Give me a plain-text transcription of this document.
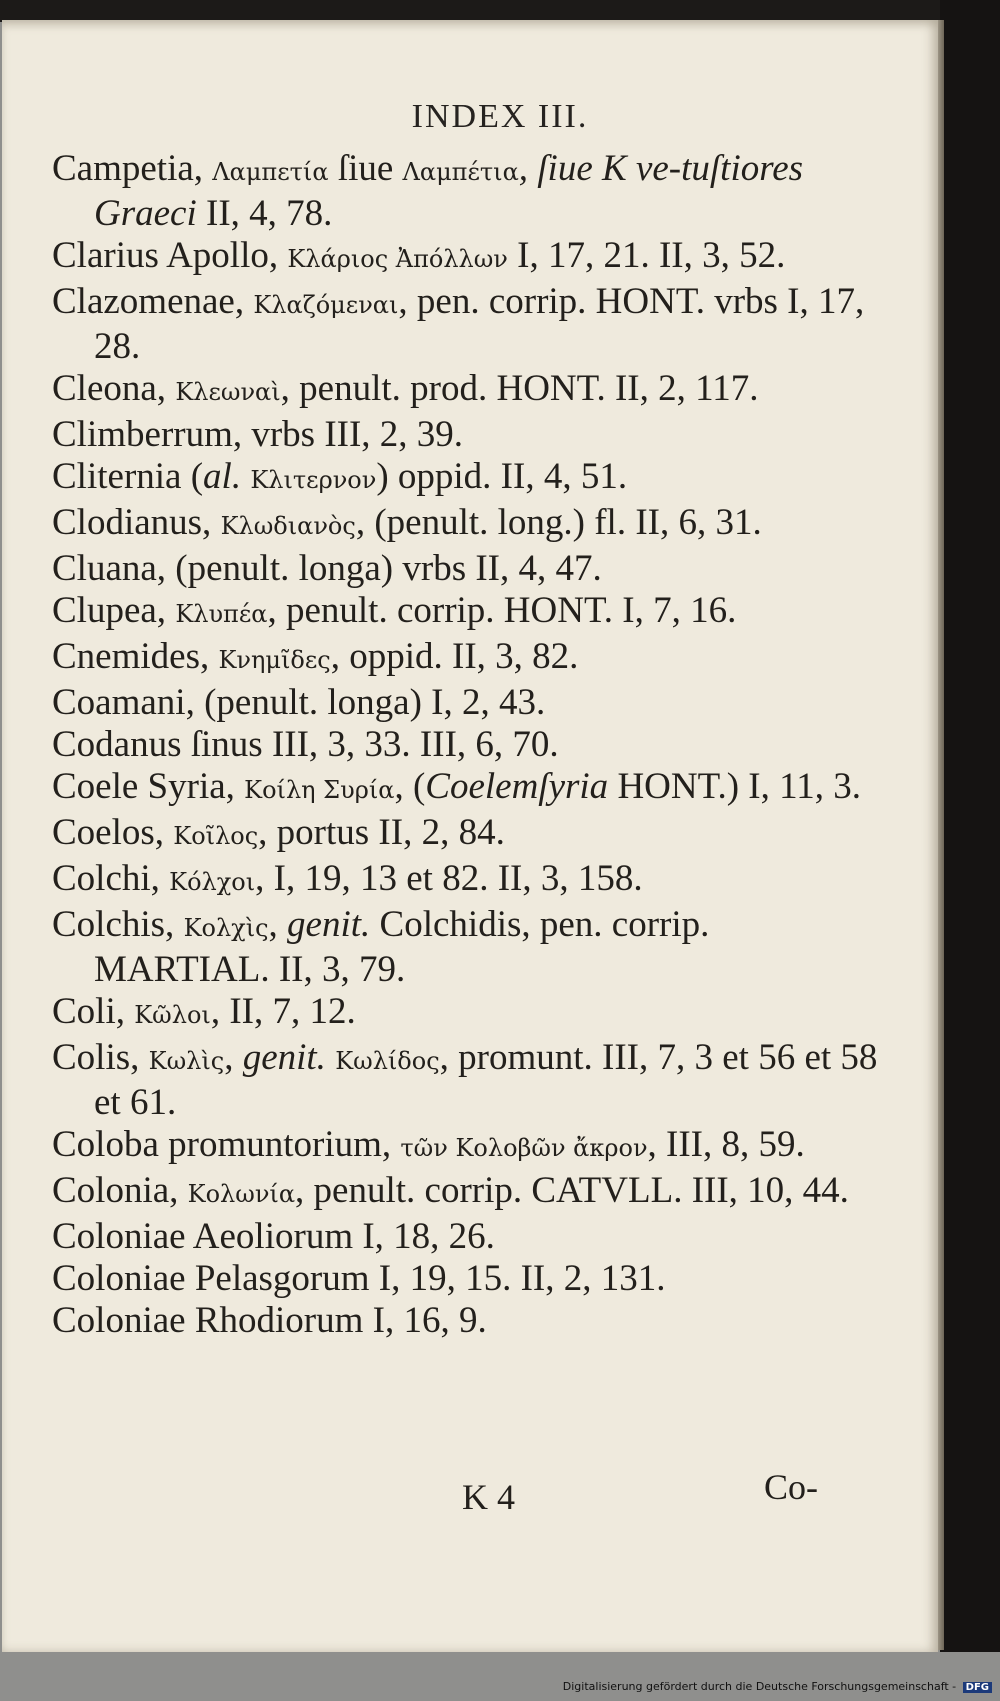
INDEX III.
Campetia, Λαμπετία ſiue Λαμπέτια, ſiue K ve-tuſtiores Graeci II, 4, 78.
Clarius Apollo, Κλάριος Ἀπόλλων I, 17, 21. II, 3, 52.
Clazomenae, Κλαζόμεναι, pen. corrip. HONT. vrbs I, 17, 28.
Cleona, Κλεωναὶ, penult. prod. HONT. II, 2, 117.
Climberrum, vrbs III, 2, 39.
Cliternia (al. Κλιτερνον) oppid. II, 4, 51.
Clodianus, Κλωδιανὸς, (penult. long.) fl. II, 6, 31.
Cluana, (penult. longa) vrbs II, 4, 47.
Clupea, Κλυπέα, penult. corrip. HONT. I, 7, 16.
Cnemides, Κνημῖδες, oppid. II, 3, 82.
Coamani, (penult. longa) I, 2, 43.
Codanus ſinus III, 3, 33. III, 6, 70.
Coele Syria, Κοίλη Συρία, (Coelemſyria HONT.) I, 11, 3.
Coelos, Κοῖλος, portus II, 2, 84.
Colchi, Κόλχοι, I, 19, 13 et 82. II, 3, 158.
Colchis, Κολχὶς, genit. Colchidis, pen. corrip. MARTIAL. II, 3, 79.
Coli, Κῶλοι, II, 7, 12.
Colis, Κωλὶς, genit. Κωλίδος, promunt. III, 7, 3 et 56 et 58 et 61.
Coloba promuntorium, τῶν Κολοβῶν ἄκρον, III, 8, 59.
Colonia, Κολωνία, penult. corrip. CATVLL. III, 10, 44.
Coloniae Aeoliorum I, 18, 26.
Coloniae Pelasgorum I, 19, 15. II, 2, 131.
Coloniae Rhodiorum I, 16, 9.
K 4	Co-
Digitalisierung gefördert durch die Deutsche Forschungsgemeinschaft - DFG
